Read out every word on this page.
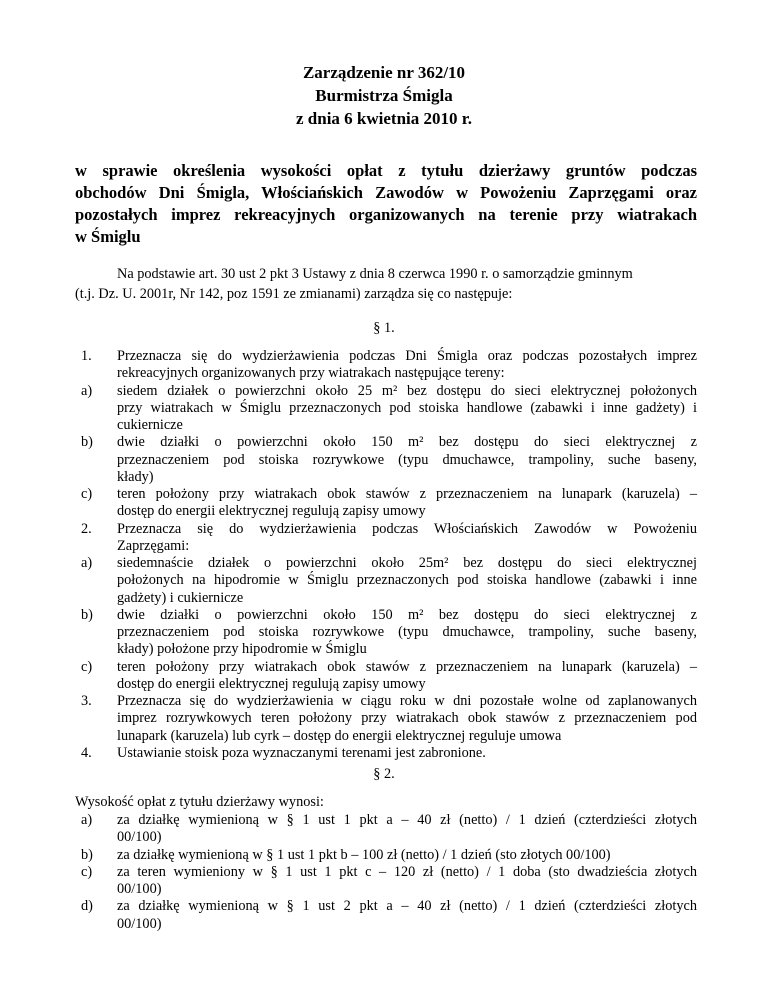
Zarządzenie nr 362/10
Burmistrza Śmigla
z dnia 6 kwietnia 2010 r.
w sprawie określenia wysokości opłat z tytułu dzierżawy gruntów podczas
obchodów Dni Śmigla, Włościańskich Zawodów w Powożeniu Zaprzęgami oraz
pozostałych imprez rekreacyjnych organizowanych na terenie przy wiatrakach
w Śmiglu
Na podstawie art. 30 ust 2 pkt 3 Ustawy z dnia 8 czerwca 1990 r. o samorządzie gminnym
(t.j. Dz. U. 2001r, Nr 142, poz 1591 ze zmianami) zarządza się co następuje:
§ 1.
1. Przeznacza się do wydzierżawienia podczas Dni Śmigla oraz podczas pozostałych imprez
rekreacyjnych organizowanych przy wiatrakach następujące tereny:
a) siedem działek o powierzchni około 25 m² bez dostępu do sieci elektrycznej położonych
przy wiatrakach w Śmiglu przeznaczonych pod stoiska handlowe (zabawki i inne gadżety) i
cukiernicze
b) dwie działki o powierzchni około 150 m² bez dostępu do sieci elektrycznej z
przeznaczeniem pod stoiska rozrywkowe (typu dmuchawce, trampoliny, suche baseny,
kłady)
c) teren położony przy wiatrakach obok stawów z przeznaczeniem na lunapark (karuzela) –
dostęp do energii elektrycznej regulują zapisy umowy
2. Przeznacza się do wydzierżawienia podczas Włościańskich Zawodów w Powożeniu
Zaprzęgami:
a) siedemnaście działek o powierzchni około 25m² bez dostępu do sieci elektrycznej
położonych na hipodromie w Śmiglu przeznaczonych pod stoiska handlowe (zabawki i inne
gadżety) i cukiernicze
b) dwie działki o powierzchni około 150 m² bez dostępu do sieci elektrycznej z
przeznaczeniem pod stoiska rozrywkowe (typu dmuchawce, trampoliny, suche baseny,
kłady) położone przy hipodromie w Śmiglu
c) teren położony przy wiatrakach obok stawów z przeznaczeniem na lunapark (karuzela) –
dostęp do energii elektrycznej regulują zapisy umowy
3. Przeznacza się do wydzierżawienia w ciągu roku w dni pozostałe wolne od zaplanowanych
imprez rozrywkowych teren położony przy wiatrakach obok stawów z przeznaczeniem pod
lunapark (karuzela) lub cyrk – dostęp do energii elektrycznej reguluje umowa
4. Ustawianie stoisk poza wyznaczanymi terenami jest zabronione.
§ 2.
Wysokość opłat z tytułu dzierżawy wynosi:
a) za działkę wymienioną w § 1 ust 1 pkt a – 40 zł (netto) / 1 dzień (czterdzieści złotych
00/100)
b) za działkę wymienioną w § 1 ust 1 pkt b – 100 zł (netto) / 1 dzień (sto złotych 00/100)
c) za teren wymieniony w § 1 ust 1 pkt c – 120 zł (netto) / 1 doba (sto dwadzieścia złotych
00/100)
d) za działkę wymienioną w § 1 ust 2 pkt a – 40 zł (netto) / 1 dzień (czterdzieści złotych
00/100)
